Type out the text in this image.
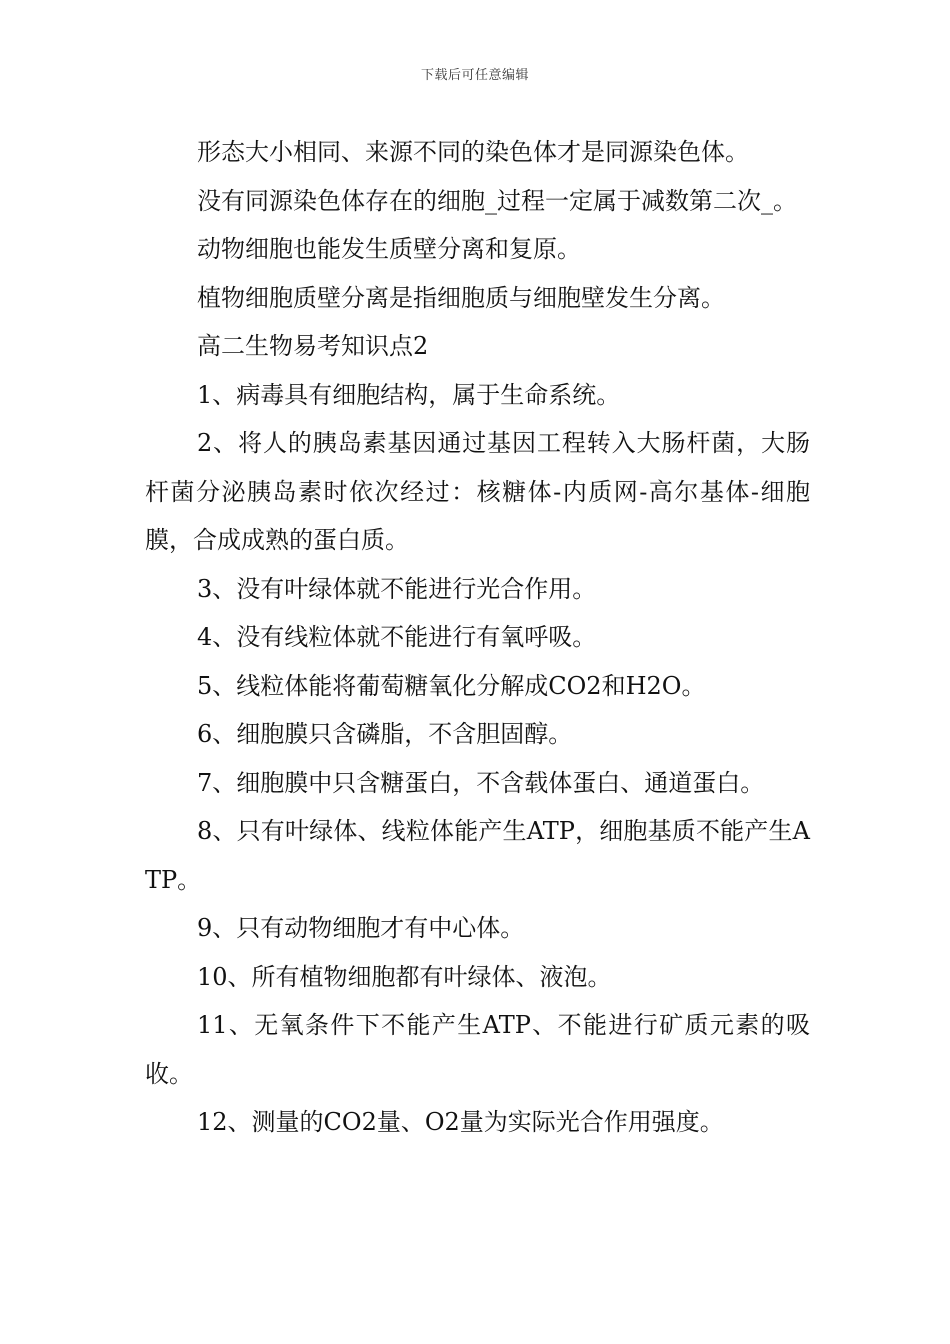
下载后可任意编辑

形态大小相同、来源不同的染色体才是同源染色体。

没有同源染色体存在的细胞_过程一定属于减数第二次_。

动物细胞也能发生质壁分离和复原。

植物细胞质壁分离是指细胞质与细胞壁发生分离。

高二生物易考知识点2

1、病毒具有细胞结构，属于生命系统。

2、将人的胰岛素基因通过基因工程转入大肠杆菌，大肠杆菌分泌胰岛素时依次经过：核糖体-内质网-高尔基体-细胞膜，合成成熟的蛋白质。

3、没有叶绿体就不能进行光合作用。

4、没有线粒体就不能进行有氧呼吸。

5、线粒体能将葡萄糖氧化分解成CO2和H2O。

6、细胞膜只含磷脂，不含胆固醇。

7、细胞膜中只含糖蛋白，不含载体蛋白、通道蛋白。

8、只有叶绿体、线粒体能产生ATP，细胞基质不能产生ATP。

9、只有动物细胞才有中心体。

10、所有植物细胞都有叶绿体、液泡。

11、无氧条件下不能产生ATP、不能进行矿质元素的吸收。

12、测量的CO2量、O2量为实际光合作用强度。
